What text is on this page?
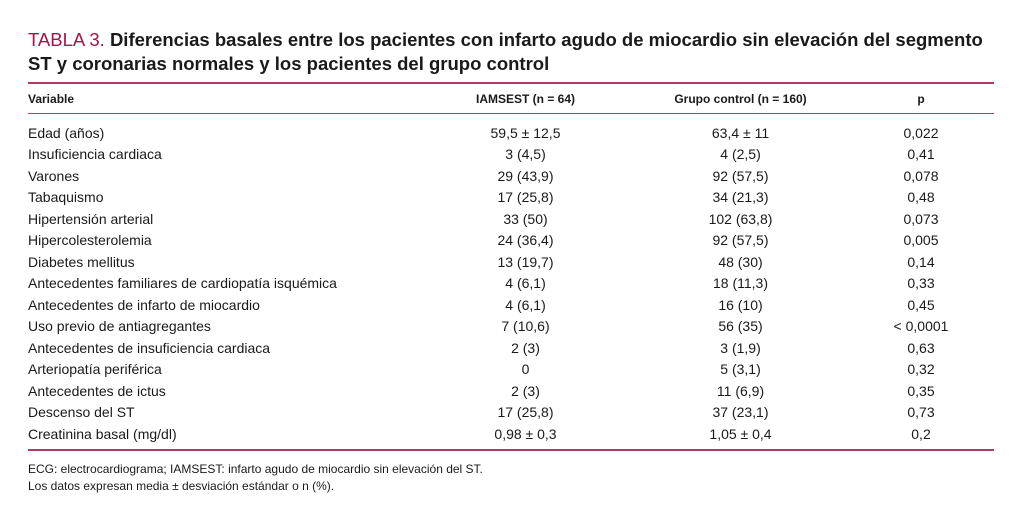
TABLA 3. Diferencias basales entre los pacientes con infarto agudo de miocardio sin elevación del segmento ST y coronarias normales y los pacientes del grupo control
Variable	IAMSEST (n = 64)	Grupo control (n = 160)	p
Edad (años)	59,5 ± 12,5	63,4 ± 11	0,022
Insuficiencia cardiaca	3 (4,5)	4 (2,5)	0,41
Varones	29 (43,9)	92 (57,5)	0,078
Tabaquismo	17 (25,8)	34 (21,3)	0,48
Hipertensión arterial	33 (50)	102 (63,8)	0,073
Hipercolesterolemia	24 (36,4)	92 (57,5)	0,005
Diabetes mellitus	13 (19,7)	48 (30)	0,14
Antecedentes familiares de cardiopatía isquémica	4 (6,1)	18 (11,3)	0,33
Antecedentes de infarto de miocardio	4 (6,1)	16 (10)	0,45
Uso previo de antiagregantes	7 (10,6)	56 (35)	< 0,0001
Antecedentes de insuficiencia cardiaca	2 (3)	3 (1,9)	0,63
Arteriopatía periférica	0	5 (3,1)	0,32
Antecedentes de ictus	2 (3)	11 (6,9)	0,35
Descenso del ST	17 (25,8)	37 (23,1)	0,73
Creatinina basal (mg/dl)	0,98 ± 0,3	1,05 ± 0,4	0,2
ECG: electrocardiograma; IAMSEST: infarto agudo de miocardio sin elevación del ST.
Los datos expresan media ± desviación estándar o n (%).
